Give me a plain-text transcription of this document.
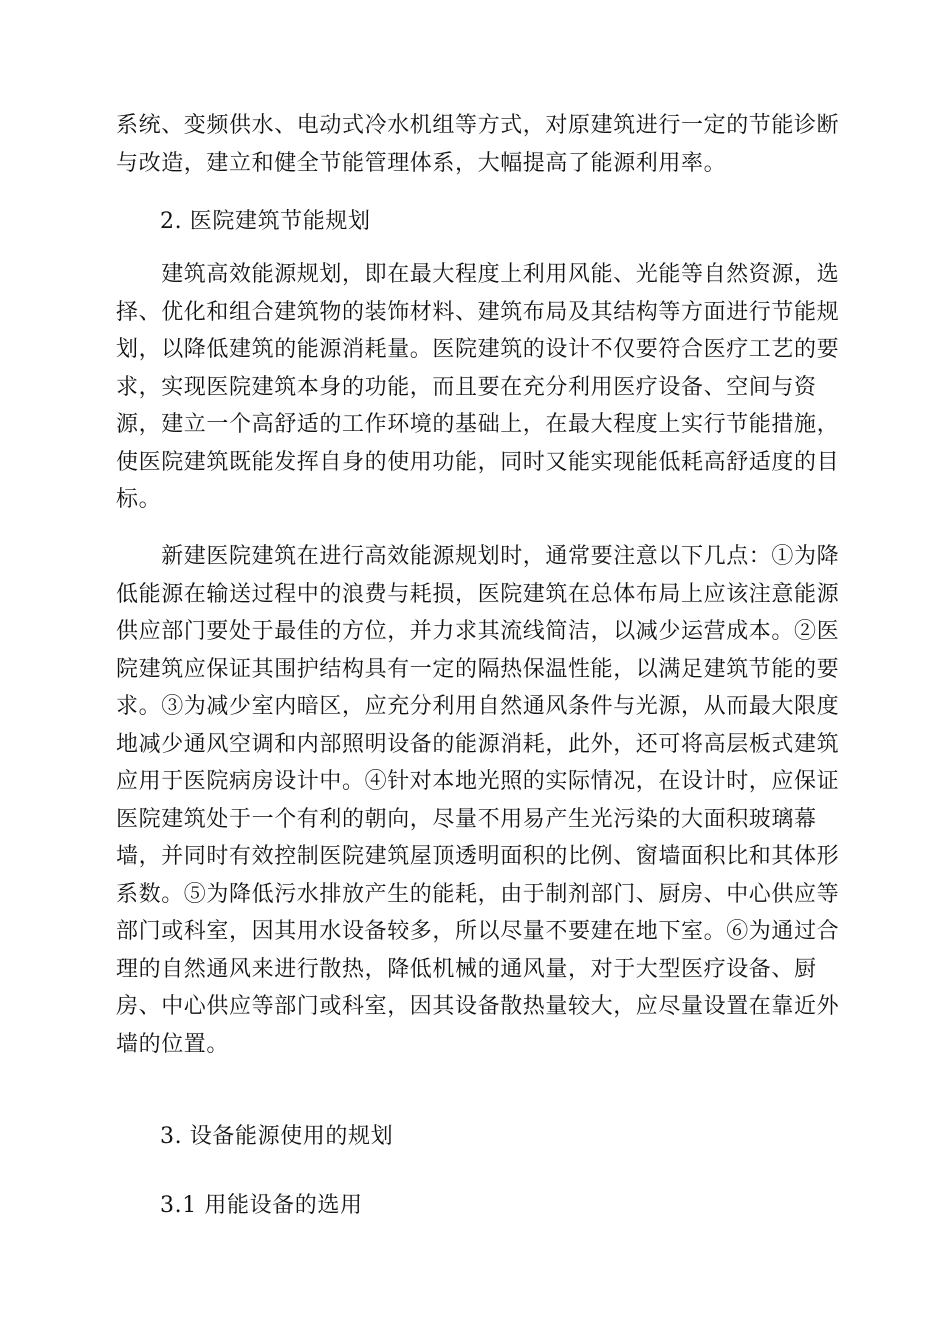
系统、变频供水、电动式冷水机组等方式，对原建筑进行一定的节能诊断
与改造，建立和健全节能管理体系，大幅提高了能源利用率。
2. 医院建筑节能规划
　　建筑高效能源规划，即在最大程度上利用风能、光能等自然资源，选
择、优化和组合建筑物的装饰材料、建筑布局及其结构等方面进行节能规
划，以降低建筑的能源消耗量。医院建筑的设计不仅要符合医疗工艺的要
求，实现医院建筑本身的功能，而且要在充分利用医疗设备、空间与资
源，建立一个高舒适的工作环境的基础上，在最大程度上实行节能措施，
使医院建筑既能发挥自身的使用功能，同时又能实现能低耗高舒适度的目
标。
　　新建医院建筑在进行高效能源规划时，通常要注意以下几点：①为降
低能源在输送过程中的浪费与耗损，医院建筑在总体布局上应该注意能源
供应部门要处于最佳的方位，并力求其流线简洁，以减少运营成本。②医
院建筑应保证其围护结构具有一定的隔热保温性能，以满足建筑节能的要
求。③为减少室内暗区，应充分利用自然通风条件与光源，从而最大限度
地减少通风空调和内部照明设备的能源消耗，此外，还可将高层板式建筑
应用于医院病房设计中。④针对本地光照的实际情况，在设计时，应保证
医院建筑处于一个有利的朝向，尽量不用易产生光污染的大面积玻璃幕
墙，并同时有效控制医院建筑屋顶透明面积的比例、窗墙面积比和其体形
系数。⑤为降低污水排放产生的能耗，由于制剂部门、厨房、中心供应等
部门或科室，因其用水设备较多，所以尽量不要建在地下室。⑥为通过合
理的自然通风来进行散热，降低机械的通风量，对于大型医疗设备、厨
房、中心供应等部门或科室，因其设备散热量较大，应尽量设置在靠近外
墙的位置。
3. 设备能源使用的规划
3.1 用能设备的选用
